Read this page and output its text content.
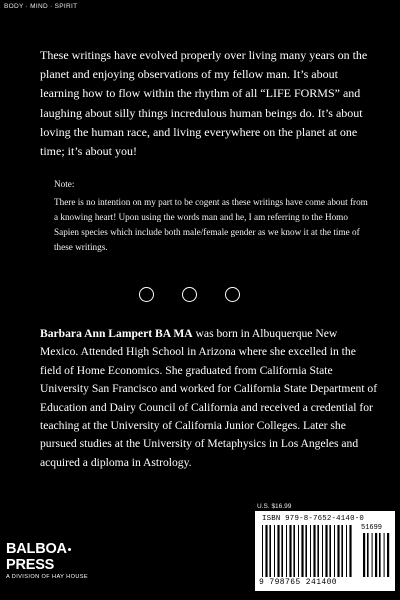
BODY · MIND · SPIRIT

These writings have evolved properly over living many years on the planet and enjoying observations of my fellow man. It’s about learning how to flow within the rhythm of all “LIFE FORMS” and laughing about silly things incredulous human beings do. It’s about loving the human race, and living everywhere on the planet at one time; it’s about you!

Note:
There is no intention on my part to be cogent as these writings have come about from a knowing heart! Upon using the words man and he, I am referring to the Homo Sapien species which include both male/female gender as we know it at the time of these writings.

Barbara Ann Lampert BA MA was born in Albuquerque New Mexico. Attended High School in Arizona where she excelled in the field of Home Economics. She graduated from California State University San Francisco and worked for California State Department of Education and Dairy Council of California and received a credential for teaching at the University of California Junior Colleges. Later she pursued studies at the University of Metaphysics in Los Angeles and acquired a diploma in Astrology.

BALBOAPRESS
A DIVISION OF HAY HOUSE
U.S. $16.99
ISBN 979-8-7652-4140-0
51699
9 798765 241400
